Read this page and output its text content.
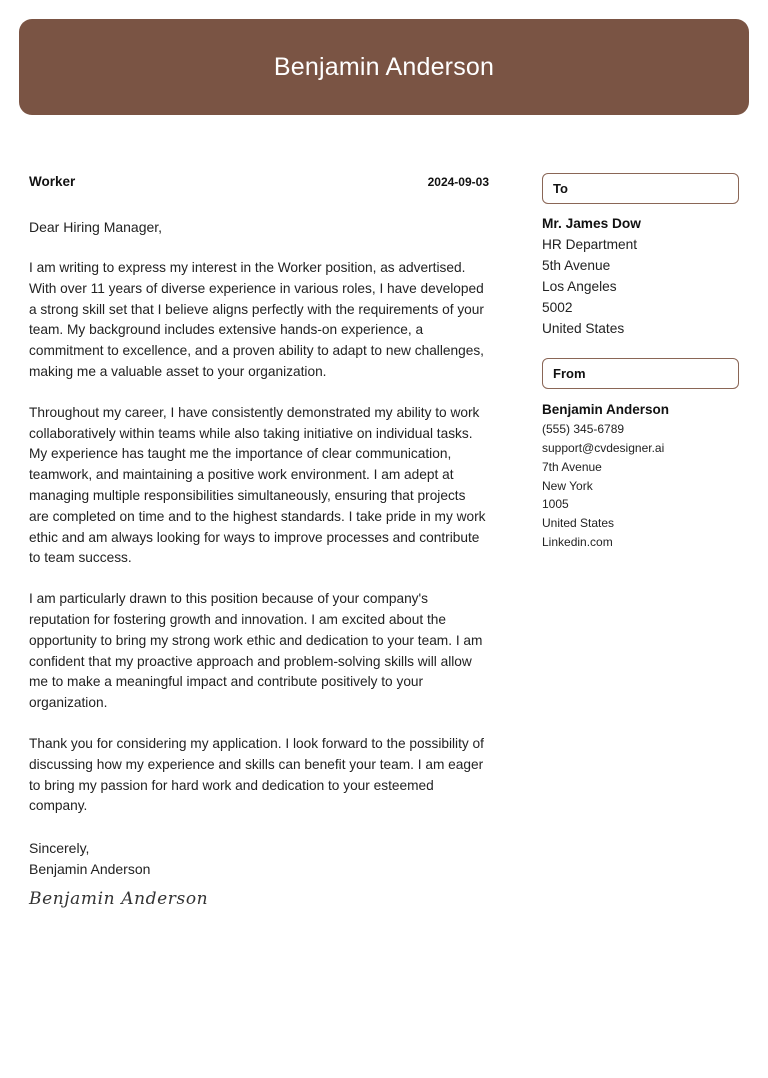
Benjamin Anderson
Worker	2024-09-03
Dear Hiring Manager,
I am writing to express my interest in the Worker position, as advertised. With over 11 years of diverse experience in various roles, I have developed a strong skill set that I believe aligns perfectly with the requirements of your team. My background includes extensive hands-on experience, a commitment to excellence, and a proven ability to adapt to new challenges, making me a valuable asset to your organization.
Throughout my career, I have consistently demonstrated my ability to work collaboratively within teams while also taking initiative on individual tasks. My experience has taught me the importance of clear communication, teamwork, and maintaining a positive work environment. I am adept at managing multiple responsibilities simultaneously, ensuring that projects are completed on time and to the highest standards. I take pride in my work ethic and am always looking for ways to improve processes and contribute to team success.
I am particularly drawn to this position because of your company's reputation for fostering growth and innovation. I am excited about the opportunity to bring my strong work ethic and dedication to your team. I am confident that my proactive approach and problem-solving skills will allow me to make a meaningful impact and contribute positively to your organization.
Thank you for considering my application. I look forward to the possibility of discussing how my experience and skills can benefit your team. I am eager to bring my passion for hard work and dedication to your esteemed company.
Sincerely,
Benjamin Anderson
Benjamin Anderson
To
Mr. James Dow
HR Department
5th Avenue
Los Angeles
5002
United States
From
Benjamin Anderson
(555) 345-6789
support@cvdesigner.ai
7th Avenue
New York
1005
United States
Linkedin.com
